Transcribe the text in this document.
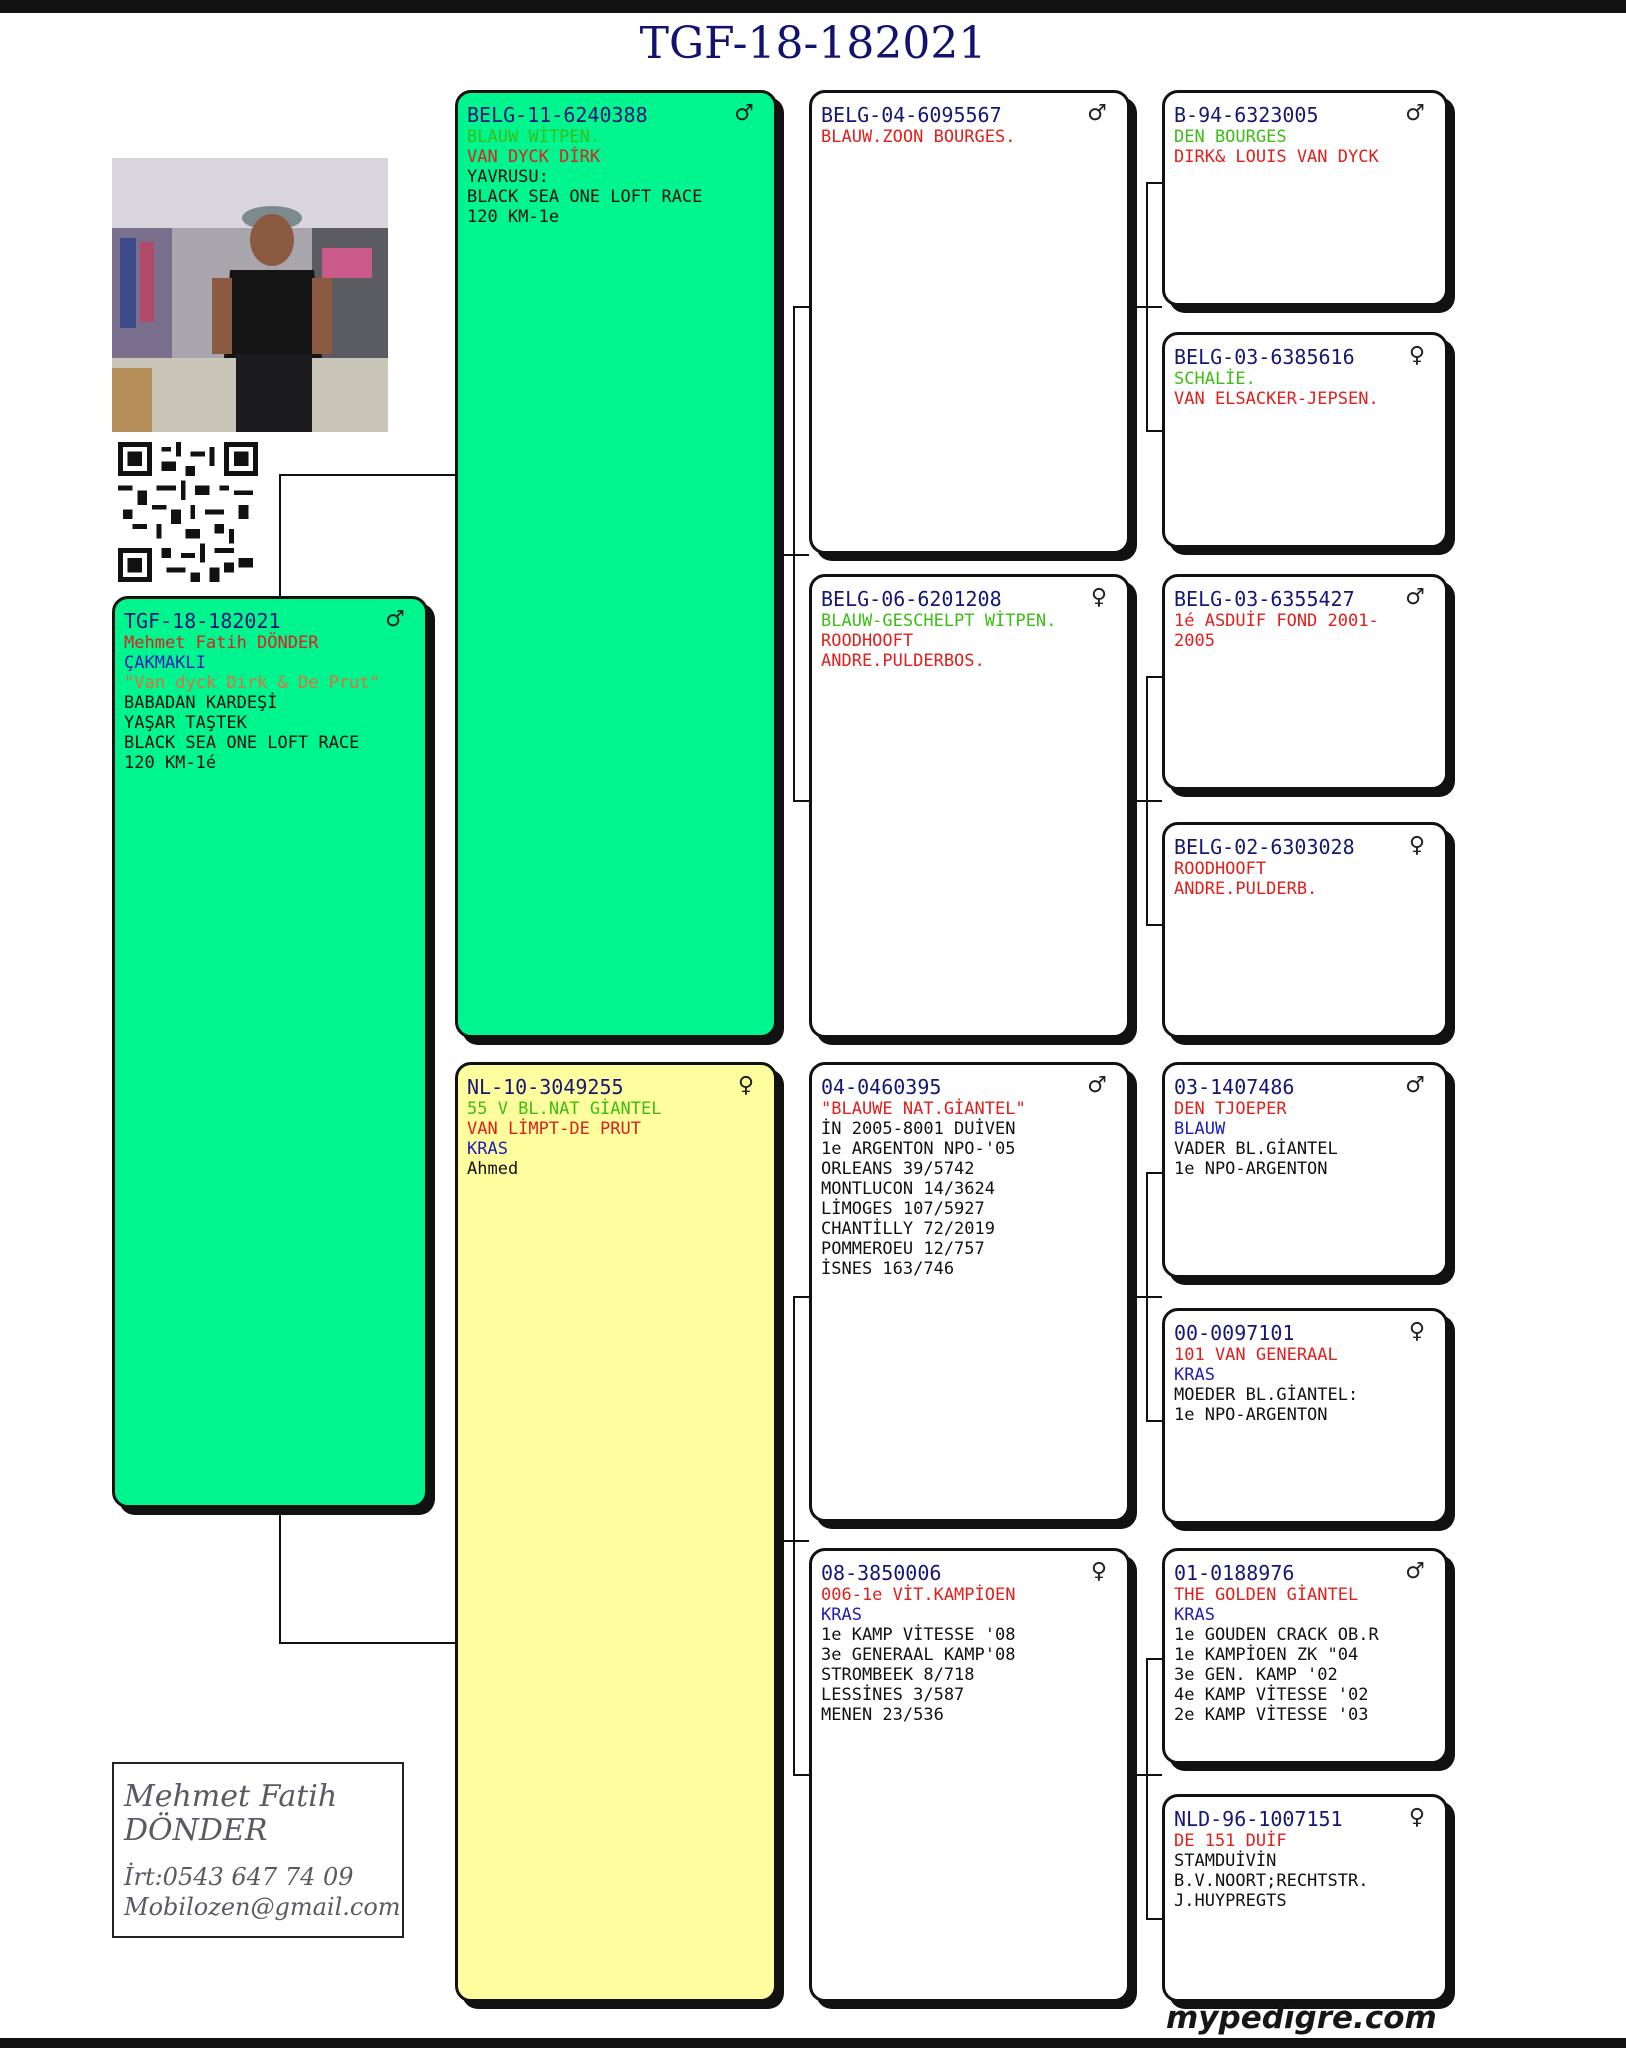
TGF-18-182021
TGF-18-182021	♂
Mehmet Fatih DÖNDER
ÇAKMAKLI
"Van dyck Dirk & De Prut"
BABADAN KARDEŞİ
YAŞAR TAŞTEK
BLACK SEA ONE LOFT RACE
120 KM-1é
BELG-11-6240388	♂
BLAUW WİTPEN.
VAN DYCK DİRK
YAVRUSU:
BLACK SEA ONE LOFT RACE
120 KM-1e
NL-10-3049255	♀
55 V BL.NAT GİANTEL
VAN LİMPT-DE PRUT
KRAS
Ahmed
BELG-04-6095567	♂
BLAUW.ZOON BOURGES.
BELG-06-6201208	♀
BLAUW-GESCHELPT WİTPEN.
ROODHOOFT
ANDRE.PULDERBOS.
04-0460395	♂
"BLAUWE NAT.GİANTEL"
İN 2005-8001 DUİVEN
1e ARGENTON NPO-'05
ORLEANS 39/5742
MONTLUCON 14/3624
LİMOGES 107/5927
CHANTİLLY 72/2019
POMMEROEU 12/757
İSNES 163/746
08-3850006	♀
006-1e VİT.KAMPİOEN
KRAS
1e KAMP VİTESSE '08
3e GENERAAL KAMP'08
STROMBEEK 8/718
LESSİNES 3/587
MENEN 23/536
B-94-6323005	♂
DEN BOURGES
DIRK& LOUIS VAN DYCK
BELG-03-6385616	♀
SCHALİE.
VAN ELSACKER-JEPSEN.
BELG-03-6355427	♂
1é ASDUİF FOND 2001-
2005
BELG-02-6303028	♀
ROODHOOFT
ANDRE.PULDERB.
03-1407486	♂
DEN TJOEPER
BLAUW
VADER BL.GİANTEL
1e NPO-ARGENTON
00-0097101	♀
101 VAN GENERAAL
KRAS
MOEDER BL.GİANTEL:
1e NPO-ARGENTON
01-0188976	♂
THE GOLDEN GİANTEL
KRAS
1e GOUDEN CRACK OB.R
1e KAMPİOEN ZK "04
3e GEN. KAMP '02
4e KAMP VİTESSE '02
2e KAMP VİTESSE '03
NLD-96-1007151	♀
DE 151 DUİF
STAMDUİVİN
B.V.NOORT;RECHTSTR.
J.HUYPREGTS
Mehmet Fatih
DÖNDER
İrt:0543 647 74 09
Mobilozen@gmail.com
mypedigre.com
